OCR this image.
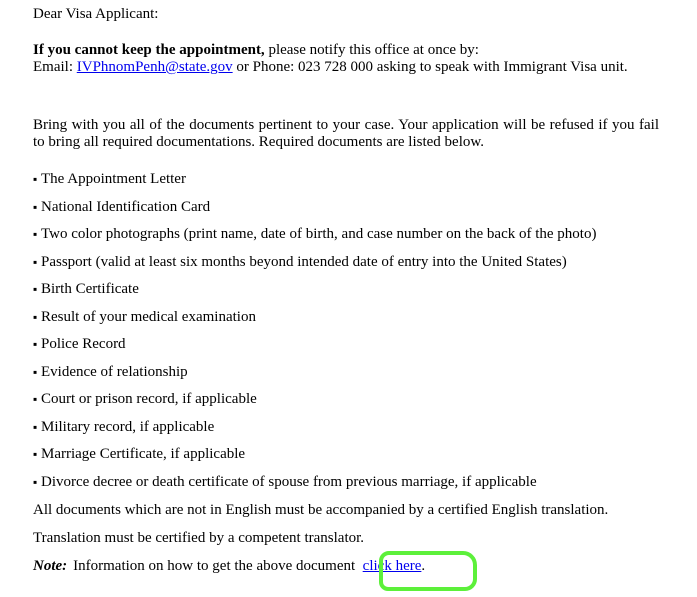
Dear Visa Applicant:

If you cannot keep the appointment, please notify this office at once by:
Email: IVPhnomPenh@state.gov or Phone: 023 728 000 asking to speak with Immigrant Visa unit.

Bring with you all of the documents pertinent to your case. Your application will be refused if you fail to bring all required documentations. Required documents are listed below.

▪ The Appointment Letter
▪ National Identification Card
▪ Two color photographs (print name, date of birth, and case number on the back of the photo)
▪ Passport (valid at least six months beyond intended date of entry into the United States)
▪ Birth Certificate
▪ Result of your medical examination
▪ Police Record
▪ Evidence of relationship
▪ Court or prison record, if applicable
▪ Military record, if applicable
▪ Marriage Certificate, if applicable
▪ Divorce decree or death certificate of spouse from previous marriage, if applicable

All documents which are not in English must be accompanied by a certified English translation.

Translation must be certified by a competent translator.

Note: Information on how to get the above document click here.
